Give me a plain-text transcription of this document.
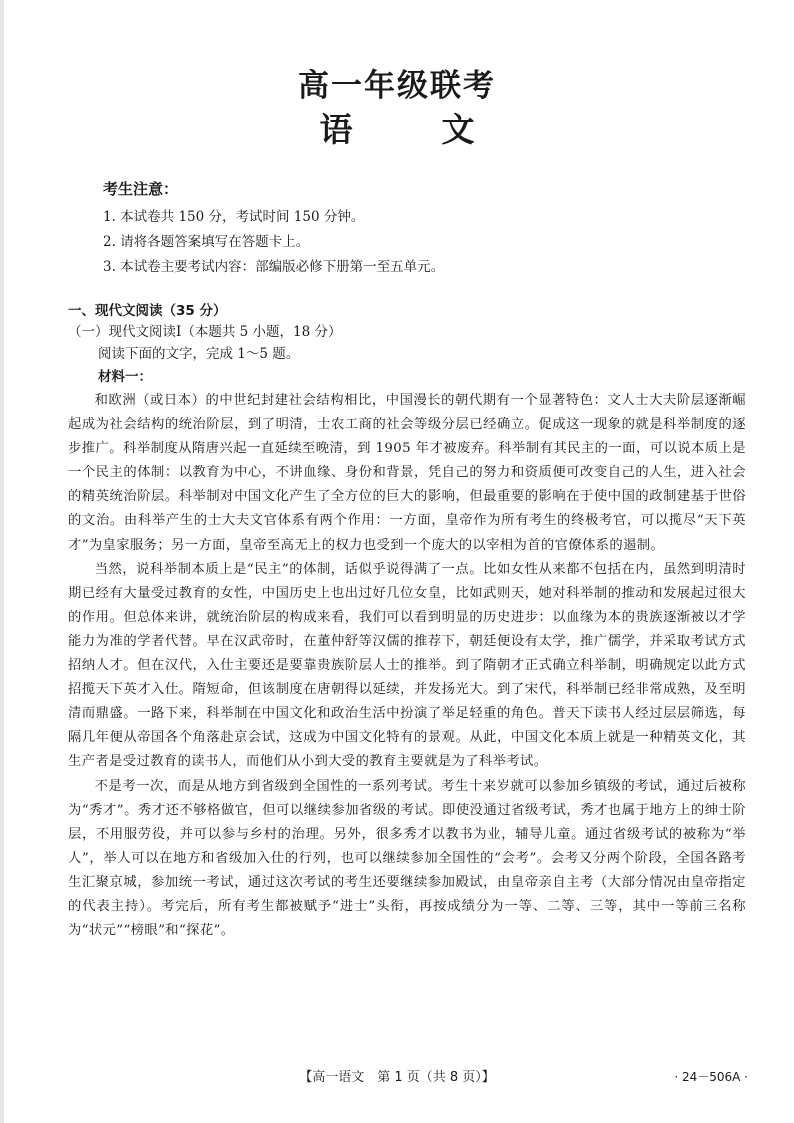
高一年级联考
语　文
考生注意：
1. 本试卷共 150 分，考试时间 150 分钟。
2. 请将各题答案填写在答题卡上。
3. 本试卷主要考试内容：部编版必修下册第一至五单元。
一、现代文阅读（35 分）
（一）现代文阅读Ⅰ（本题共 5 小题，18 分）
阅读下面的文字，完成 1～5 题。
材料一：

和欧洲（或日本）的中世纪封建社会结构相比，中国漫长的朝代期有一个显著特色：文人士大夫阶层逐渐崛起成为社会结构的统治阶层，到了明清，士农工商的社会等级分层已经确立。促成这一现象的就是科举制度的逐步推广。科举制度从隋唐兴起一直延续至晚清，到 1905 年才被废弃。科举制有其民主的一面，可以说本质上是一个民主的体制：以教育为中心，不讲血缘、身份和背景，凭自己的努力和资质便可改变自己的人生，进入社会的精英统治阶层。科举制对中国文化产生了全方位的巨大的影响，但最重要的影响在于使中国的政制建基于世俗的文治。由科举产生的士大夫文官体系有两个作用：一方面，皇帝作为所有考生的终极考官，可以揽尽“天下英才”为皇家服务；另一方面，皇帝至高无上的权力也受到一个庞大的以宰相为首的官僚体系的遏制。

当然，说科举制本质上是“民主”的体制，话似乎说得满了一点。比如女性从来都不包括在内，虽然到明清时期已经有大量受过教育的女性，中国历史上也出过好几位女皇，比如武则天，她对科举制的推动和发展起过很大的作用。但总体来讲，就统治阶层的构成来看，我们可以看到明显的历史进步：以血缘为本的贵族逐渐被以才学能力为准的学者代替。早在汉武帝时，在董仲舒等汉儒的推荐下，朝廷便设有太学，推广儒学，并采取考试方式招纳人才。但在汉代，入仕主要还是要靠贵族阶层人士的推举。到了隋朝才正式确立科举制，明确规定以此方式招揽天下英才入仕。隋短命，但该制度在唐朝得以延续，并发扬光大。到了宋代，科举制已经非常成熟，及至明清而鼎盛。一路下来，科举制在中国文化和政治生活中扮演了举足轻重的角色。普天下读书人经过层层筛选，每隔几年便从帝国各个角落赴京会试，这成为中国文化特有的景观。从此，中国文化本质上就是一种精英文化，其生产者是受过教育的读书人，而他们从小到大受的教育主要就是为了科举考试。

不是考一次，而是从地方到省级到全国性的一系列考试。考生十来岁就可以参加乡镇级的考试，通过后被称为“秀才”。秀才还不够格做官，但可以继续参加省级的考试。即使没通过省级考试，秀才也属于地方上的绅士阶层，不用服劳役，并可以参与乡村的治理。另外，很多秀才以教书为业，辅导儿童。通过省级考试的被称为“举人”，举人可以在地方和省级加入仕的行列，也可以继续参加全国性的“会考”。会考又分两个阶段，全国各路考生汇聚京城，参加统一考试，通过这次考试的考生还要继续参加殿试，由皇帝亲自主考（大部分情况由皇帝指定的代表主持）。考完后，所有考生都被赋予“进士”头衔，再按成绩分为一等、二等、三等，其中一等前三名称为“状元”“榜眼”和“探花”。

【高一语文　第 1 页（共 8 页）】	· 24－506A ·
